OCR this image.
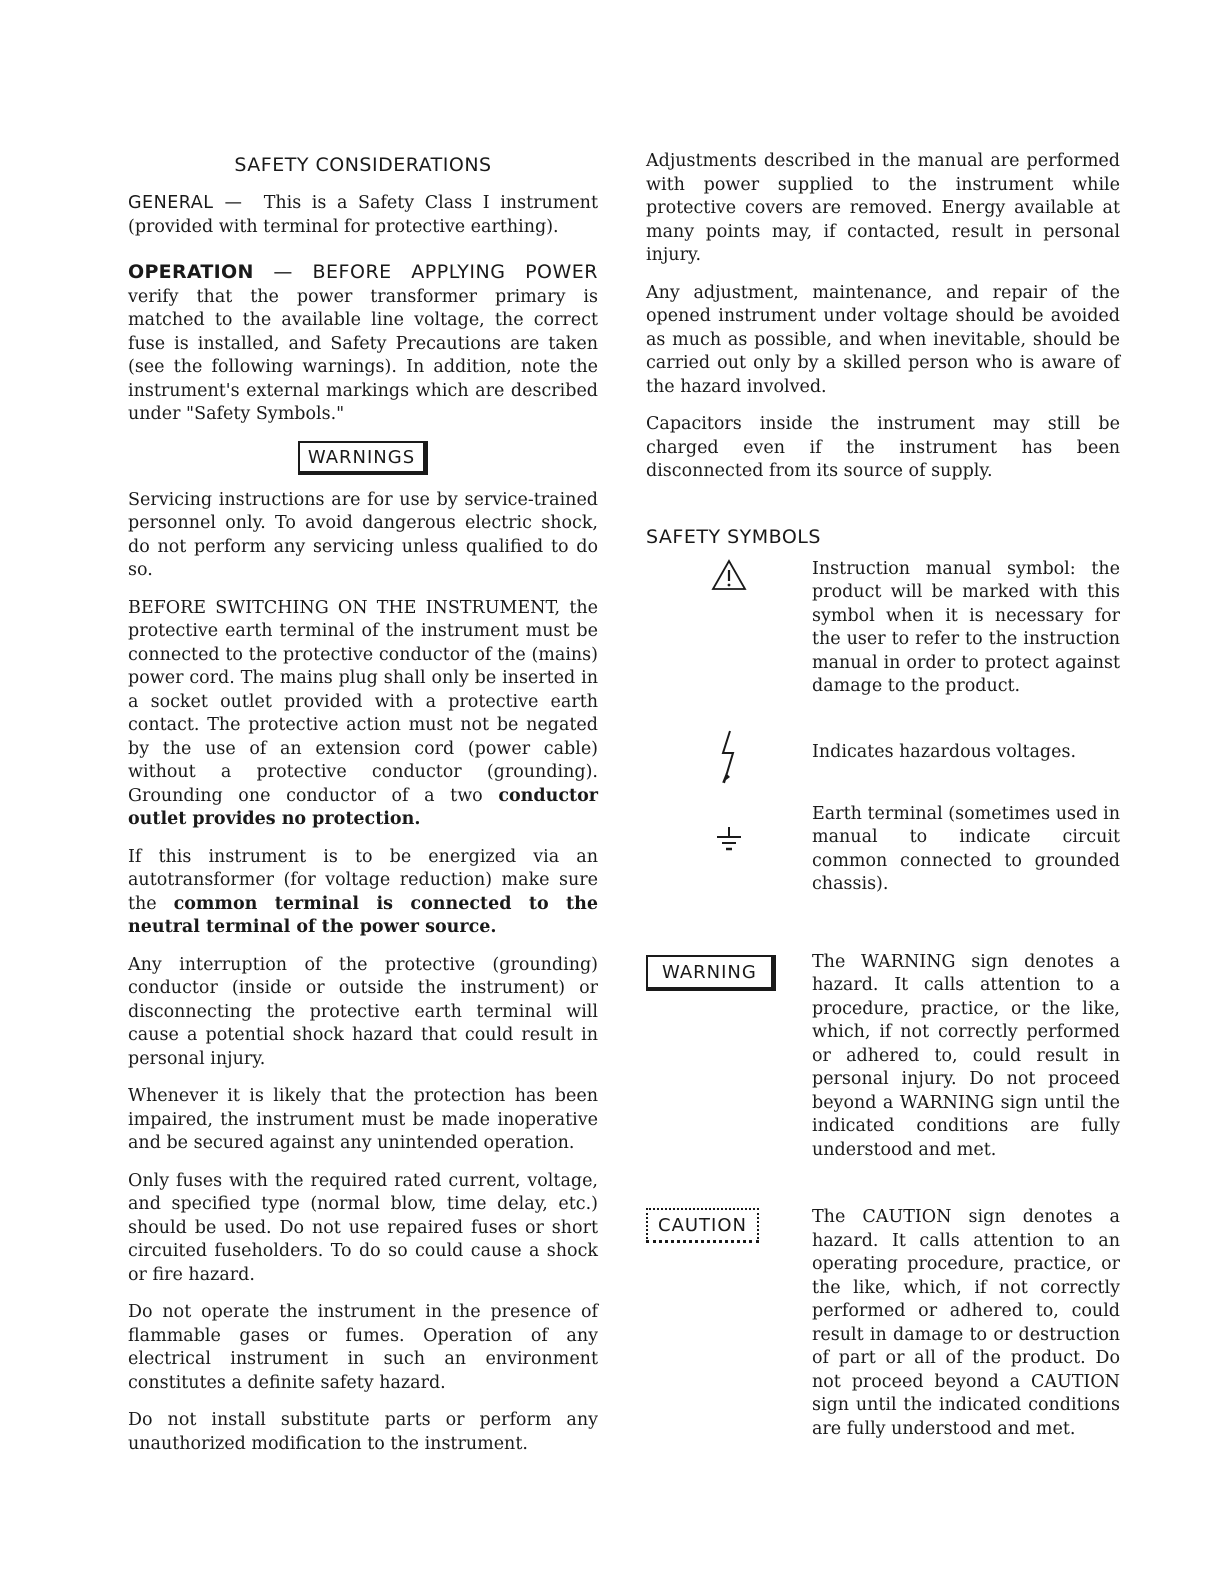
SAFETY CONSIDERATIONS

GENERAL — This is a Safety Class I instrument (provided with terminal for protective earthing).

OPERATION — BEFORE APPLYING POWER verify that the power transformer primary is matched to the available line voltage, the correct fuse is installed, and Safety Precautions are taken (see the following warnings). In addition, note the instrument's external markings which are described under "Safety Symbols."

WARNINGS

Servicing instructions are for use by service-trained personnel only. To avoid dangerous electric shock, do not perform any servicing unless qualified to do so.

BEFORE SWITCHING ON THE INSTRUMENT, the protective earth terminal of the instrument must be connected to the protective conductor of the (mains) power cord. The mains plug shall only be inserted in a socket outlet provided with a protective earth contact. The protective action must not be negated by the use of an extension cord (power cable) without a protective conductor (grounding). Grounding one conductor of a two conductor outlet provides no protection.

If this instrument is to be energized via an autotransformer (for voltage reduction) make sure the common terminal is connected to the neutral terminal of the power source.

Any interruption of the protective (grounding) conductor (inside or outside the instrument) or disconnecting the protective earth terminal will cause a potential shock hazard that could result in personal injury.

Whenever it is likely that the protection has been impaired, the instrument must be made inoperative and be secured against any unintended operation.

Only fuses with the required rated current, voltage, and specified type (normal blow, time delay, etc.) should be used. Do not use repaired fuses or short circuited fuseholders. To do so could cause a shock or fire hazard.

Do not operate the instrument in the presence of flammable gases or fumes. Operation of any electrical instrument in such an environment constitutes a definite safety hazard.

Do not install substitute parts or perform any unauthorized modification to the instrument.

Adjustments described in the manual are performed with power supplied to the instrument while protective covers are removed. Energy available at many points may, if contacted, result in personal injury.

Any adjustment, maintenance, and repair of the opened instrument under voltage should be avoided as much as possible, and when inevitable, should be carried out only by a skilled person who is aware of the hazard involved.

Capacitors inside the instrument may still be charged even if the instrument has been disconnected from its source of supply.

SAFETY SYMBOLS

Instruction manual symbol: the product will be marked with this symbol when it is necessary for the user to refer to the instruction manual in order to protect against damage to the product.

Indicates hazardous voltages.

Earth terminal (sometimes used in manual to indicate circuit common connected to grounded chassis).

WARNING	The WARNING sign denotes a hazard. It calls attention to a procedure, practice, or the like, which, if not correctly performed or adhered to, could result in personal injury. Do not proceed beyond a WARNING sign until the indicated conditions are fully understood and met.

CAUTION	The CAUTION sign denotes a hazard. It calls attention to an operating procedure, practice, or the like, which, if not correctly performed or adhered to, could result in damage to or destruction of part or all of the product. Do not proceed beyond a CAUTION sign until the indicated conditions are fully understood and met.
